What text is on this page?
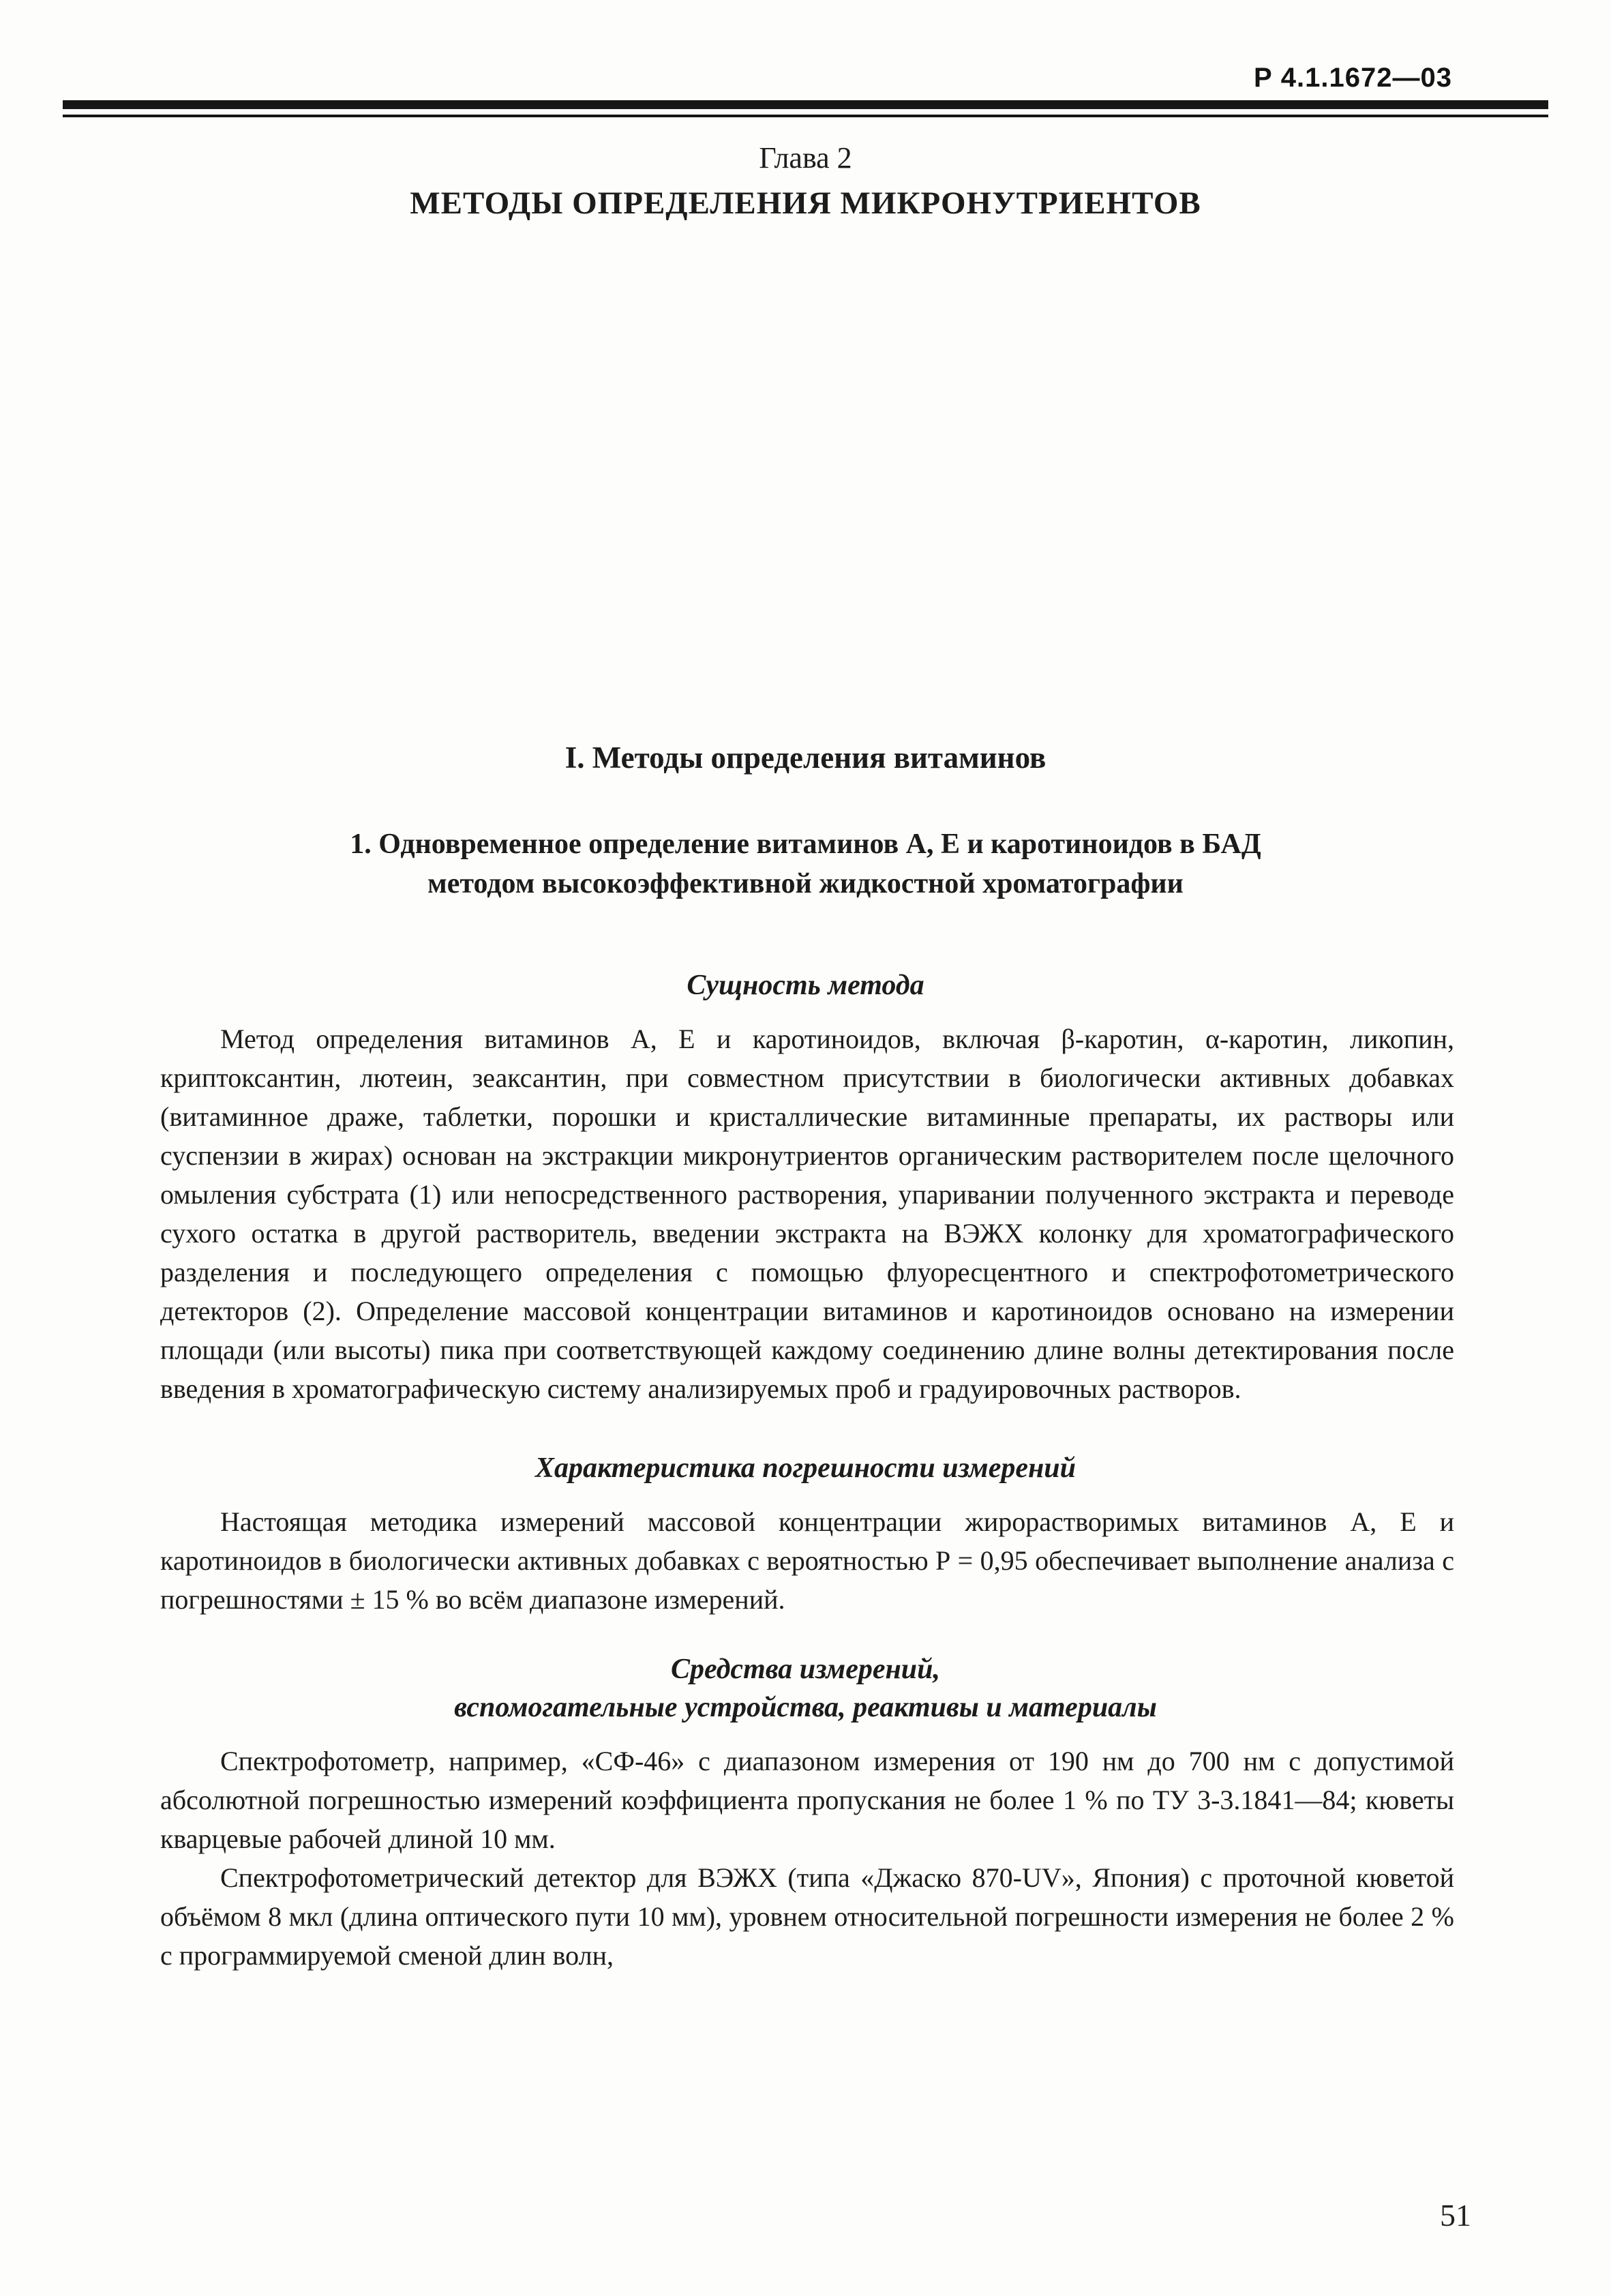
Р 4.1.1672—03
Глава 2
МЕТОДЫ ОПРЕДЕЛЕНИЯ МИКРОНУТРИЕНТОВ
I. Методы определения витаминов
1. Одновременное определение витаминов А, Е и каротиноидов в БАД
методом высокоэффективной жидкостной хроматографии
Сущность метода

Метод определения витаминов А, Е и каротиноидов, включая β-каротин, α-каротин, ликопин, криптоксантин, лютеин, зеаксантин, при совместном присутствии в биологически активных добавках (витаминное драже, таблетки, порошки и кристаллические витаминные препараты, их растворы или суспензии в жирах) основан на экстракции микронутриентов органическим растворителем после щелочного омыления субстрата (1) или непосредственного растворения, упаривании полученного экстракта и переводе сухого остатка в другой растворитель, введении экстракта на ВЭЖХ колонку для хроматографического разделения и последующего определения с помощью флуоресцентного и спектрофотометрического детекторов (2). Определение массовой концентрации витаминов и каротиноидов основано на измерении площади (или высоты) пика при соответствующей каждому соединению длине волны детектирования после введения в хроматографическую систему анализируемых проб и градуировочных растворов.

Характеристика погрешности измерений

Настоящая методика измерений массовой концентрации жирорастворимых витаминов А, Е и каротиноидов в биологически активных добавках с вероятностью Р = 0,95 обеспечивает выполнение анализа с погрешностями ± 15 % во всём диапазоне измерений.

Средства измерений,
вспомогательные устройства, реактивы и материалы

Спектрофотометр, например, «СФ-46» с диапазоном измерения от 190 нм до 700 нм с допустимой абсолютной погрешностью измерений коэффициента пропускания не более 1 % по ТУ 3-3.1841—84; кюветы кварцевые рабочей длиной 10 мм.

Спектрофотометрический детектор для ВЭЖХ (типа «Джаско 870-UV», Япония) с проточной кюветой объёмом 8 мкл (длина оптического пути 10 мм), уровнем относительной погрешности измерения не более 2 % с программируемой сменой длин волн,

51
